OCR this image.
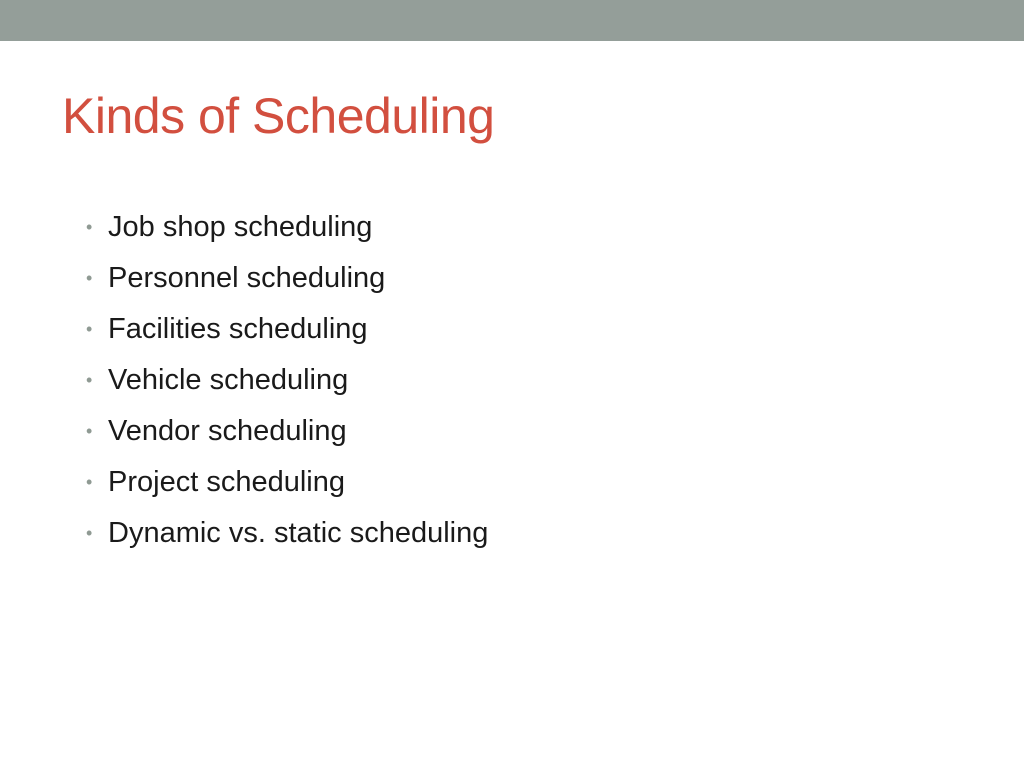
Kinds of Scheduling
• Job shop scheduling
• Personnel scheduling
• Facilities scheduling
• Vehicle scheduling
• Vendor scheduling
• Project scheduling
• Dynamic vs. static scheduling
